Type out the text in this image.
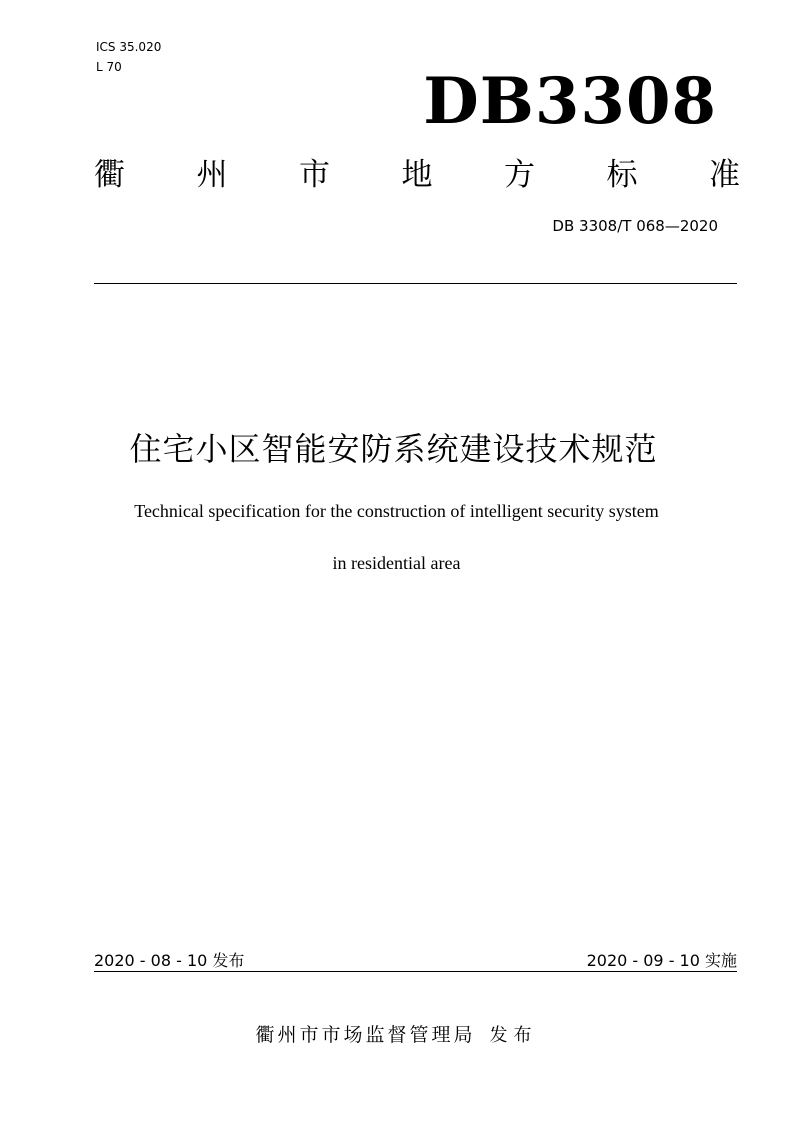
ICS 35.020
L 70	DB3308
衢 州 市 地 方 标 准
DB 3308/T 068—2020
住宅小区智能安防系统建设技术规范
Technical specification for the construction of intelligent security system
in residential area
2020 - 08 - 10 发布	2020 - 09 - 10 实施
衢州市市场监督管理局 发布
